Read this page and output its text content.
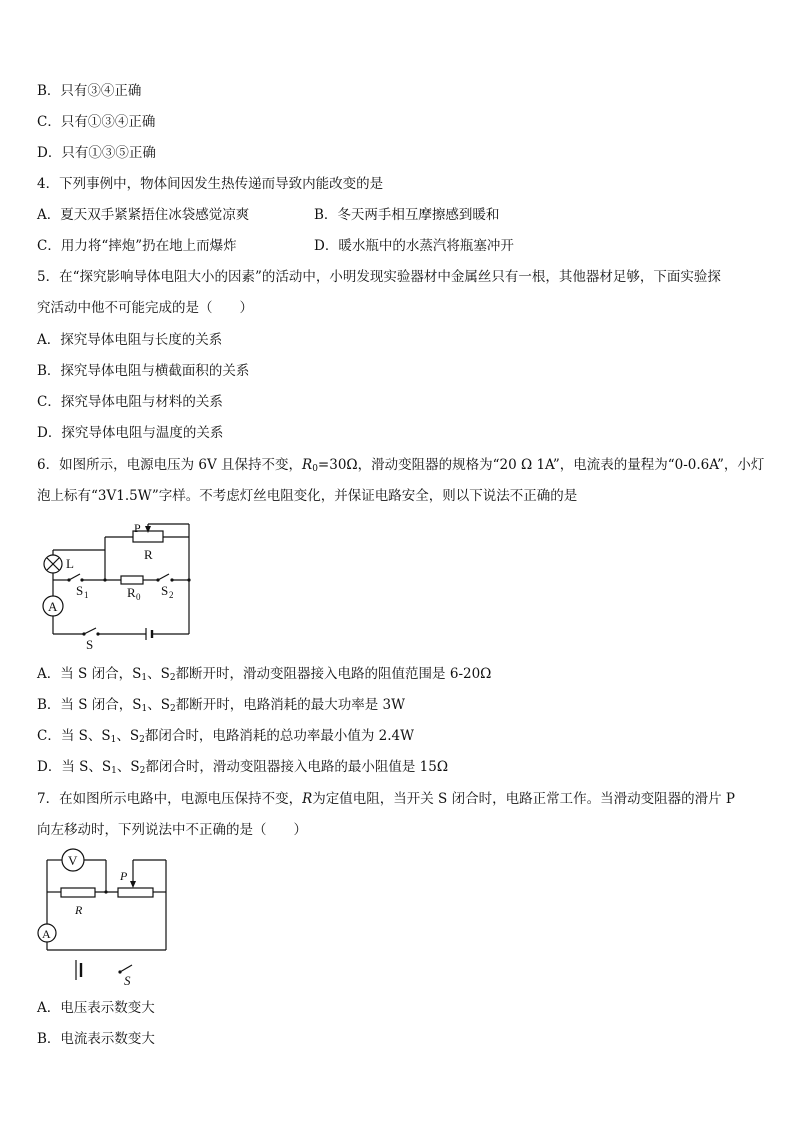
B．只有③④正确
C．只有①③④正确
D．只有①③⑤正确
4．下列事例中，物体间因发生热传递而导致内能改变的是
A．夏天双手紧紧捂住冰袋感觉凉爽	B．冬天两手相互摩擦感到暖和
C．用力将“摔炮”扔在地上而爆炸	D．暖水瓶中的水蒸汽将瓶塞冲开
5．在“探究影响导体电阻大小的因素”的活动中，小明发现实验器材中金属丝只有一根，其他器材足够，下面实验探
究活动中他不可能完成的是（　　）
A．探究导体电阻与长度的关系
B．探究导体电阻与横截面积的关系
C．探究导体电阻与材料的关系
D．探究导体电阻与温度的关系
6．如图所示，电源电压为 6V 且保持不变，$R_0=30\Omega$，滑动变阻器的规格为“20 Ω 1A”，电流表的量程为“0-0.6A”，小灯
泡上标有“3V1.5W”字样。不考虑灯丝电阻变化，并保证电路安全，则以下说法不正确的是
A
P
R
L
S 1	R 0 S 2
S
A．当 S 闭合，$S_1$、$S_2$都断开时，滑动变阻器接入电路的阻值范围是 6-20Ω
B．当 S 闭合，$S_1$、$S_2$都断开时，电路消耗的最大功率是 3W
C．当 S、$S_1$、$S_2$都闭合时，电路消耗的总功率最小值为 2.4W
D．当 S、$S_1$、$S_2$都闭合时，滑动变阻器接入电路的最小阻值是 15Ω
7．在如图所示电路中，电源电压保持不变，R为定值电阻，当开关 S 闭合时，电路正常工作。当滑动变阻器的滑片 P
向左移动时，下列说法中不正确的是（　　）
V
A
P
R
S
A．电压表示数变大
B．电流表示数变大
